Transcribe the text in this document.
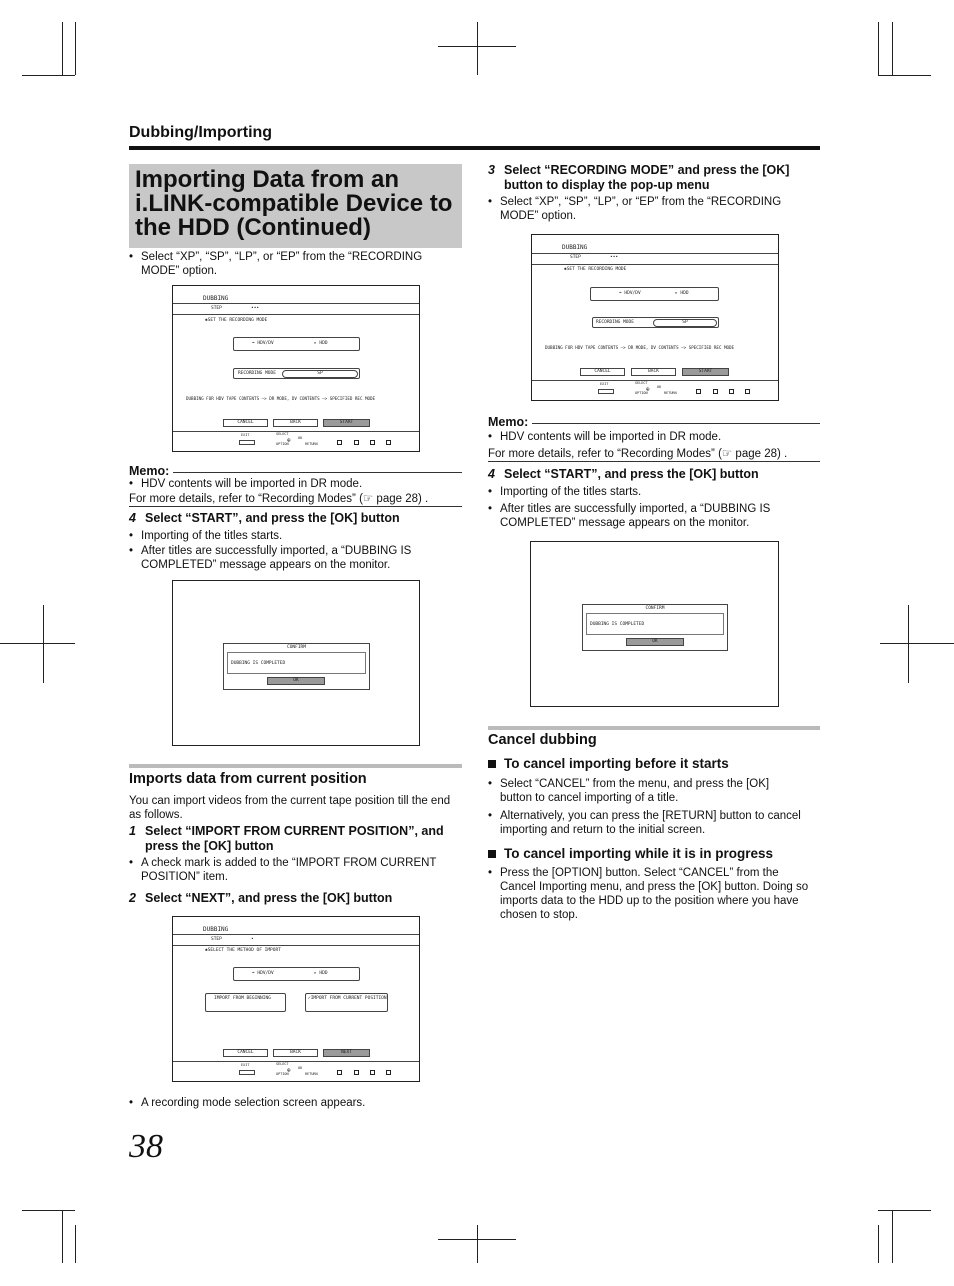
Dubbing/Importing
Importing Data from an i.LINK-compatible Device to the HDD (Continued)
• Select “XP”, “SP”, “LP”, or “EP” from the “RECORDING MODE” option.
DUBBING
STEP	•••
✱SET THE RECORDING MODE
➡ HDV/DV	▸ HDD
RECORDING MODE	SP
DUBBING FOR HDV TAPE CONTENTS —> DR MODE, DV CONTENTS —> SPECIFIED REC MODE
CANCEL	BACK	START
EXIT	SELECT
⊕ OK
OPTION	RETURN
Memo:
• HDV contents will be imported in DR mode.
For more details, refer to “Recording Modes” (☞ page 28) .
4 Select “START”, and press the [OK] button
• Importing of the titles starts.
• After titles are successfully imported, a “DUBBING IS COMPLETED” message appears on the monitor.
CONFIRM
DUBBING IS COMPLETED
OK
Imports data from current position
You can import videos from the current tape position till the end as follows.
1 Select “IMPORT FROM CURRENT POSITION”, and press the [OK] button
• A check mark is added to the “IMPORT FROM CURRENT POSITION” item.
2 Select “NEXT”, and press the [OK] button
DUBBING
STEP	•
✱SELECT THE METHOD OF IMPORT
➡ HDV/DV	▸ HDD
IMPORT FROM BEGINNING	✓IMPORT FROM CURRENT POSITION
CANCEL	BACK	NEXT
EXIT	SELECT
⊕ OK
OPTION	RETURN
• A recording mode selection screen appears.
38
3 Select “RECORDING MODE” and press the [OK] button to display the pop-up menu
• Select “XP”, “SP”, “LP”, or “EP” from the “RECORDING MODE” option.
DUBBING
STEP	•••
✱SET THE RECORDING MODE
➡ HDV/DV	▸ HDD
RECORDING MODE	SP
DUBBING FOR HDV TAPE CONTENTS —> DR MODE, DV CONTENTS —> SPECIFIED REC MODE
CANCEL	BACK	START
EXIT	SELECT
⊕ OK
OPTION	RETURN
Memo:
• HDV contents will be imported in DR mode.
For more details, refer to “Recording Modes” (☞ page 28) .
4 Select “START”, and press the [OK] button
• Importing of the titles starts.
• After titles are successfully imported, a “DUBBING IS COMPLETED” message appears on the monitor.
CONFIRM
DUBBING IS COMPLETED
OK
Cancel dubbing
To cancel importing before it starts
• Select “CANCEL” from the menu, and press the [OK] button to cancel importing of a title.
• Alternatively, you can press the [RETURN] button to cancel importing and return to the initial screen.
To cancel importing while it is in progress
• Press the [OPTION] button. Select “CANCEL” from the Cancel Importing menu, and press the [OK] button. Doing so imports data to the HDD up to the position where you have chosen to stop.
